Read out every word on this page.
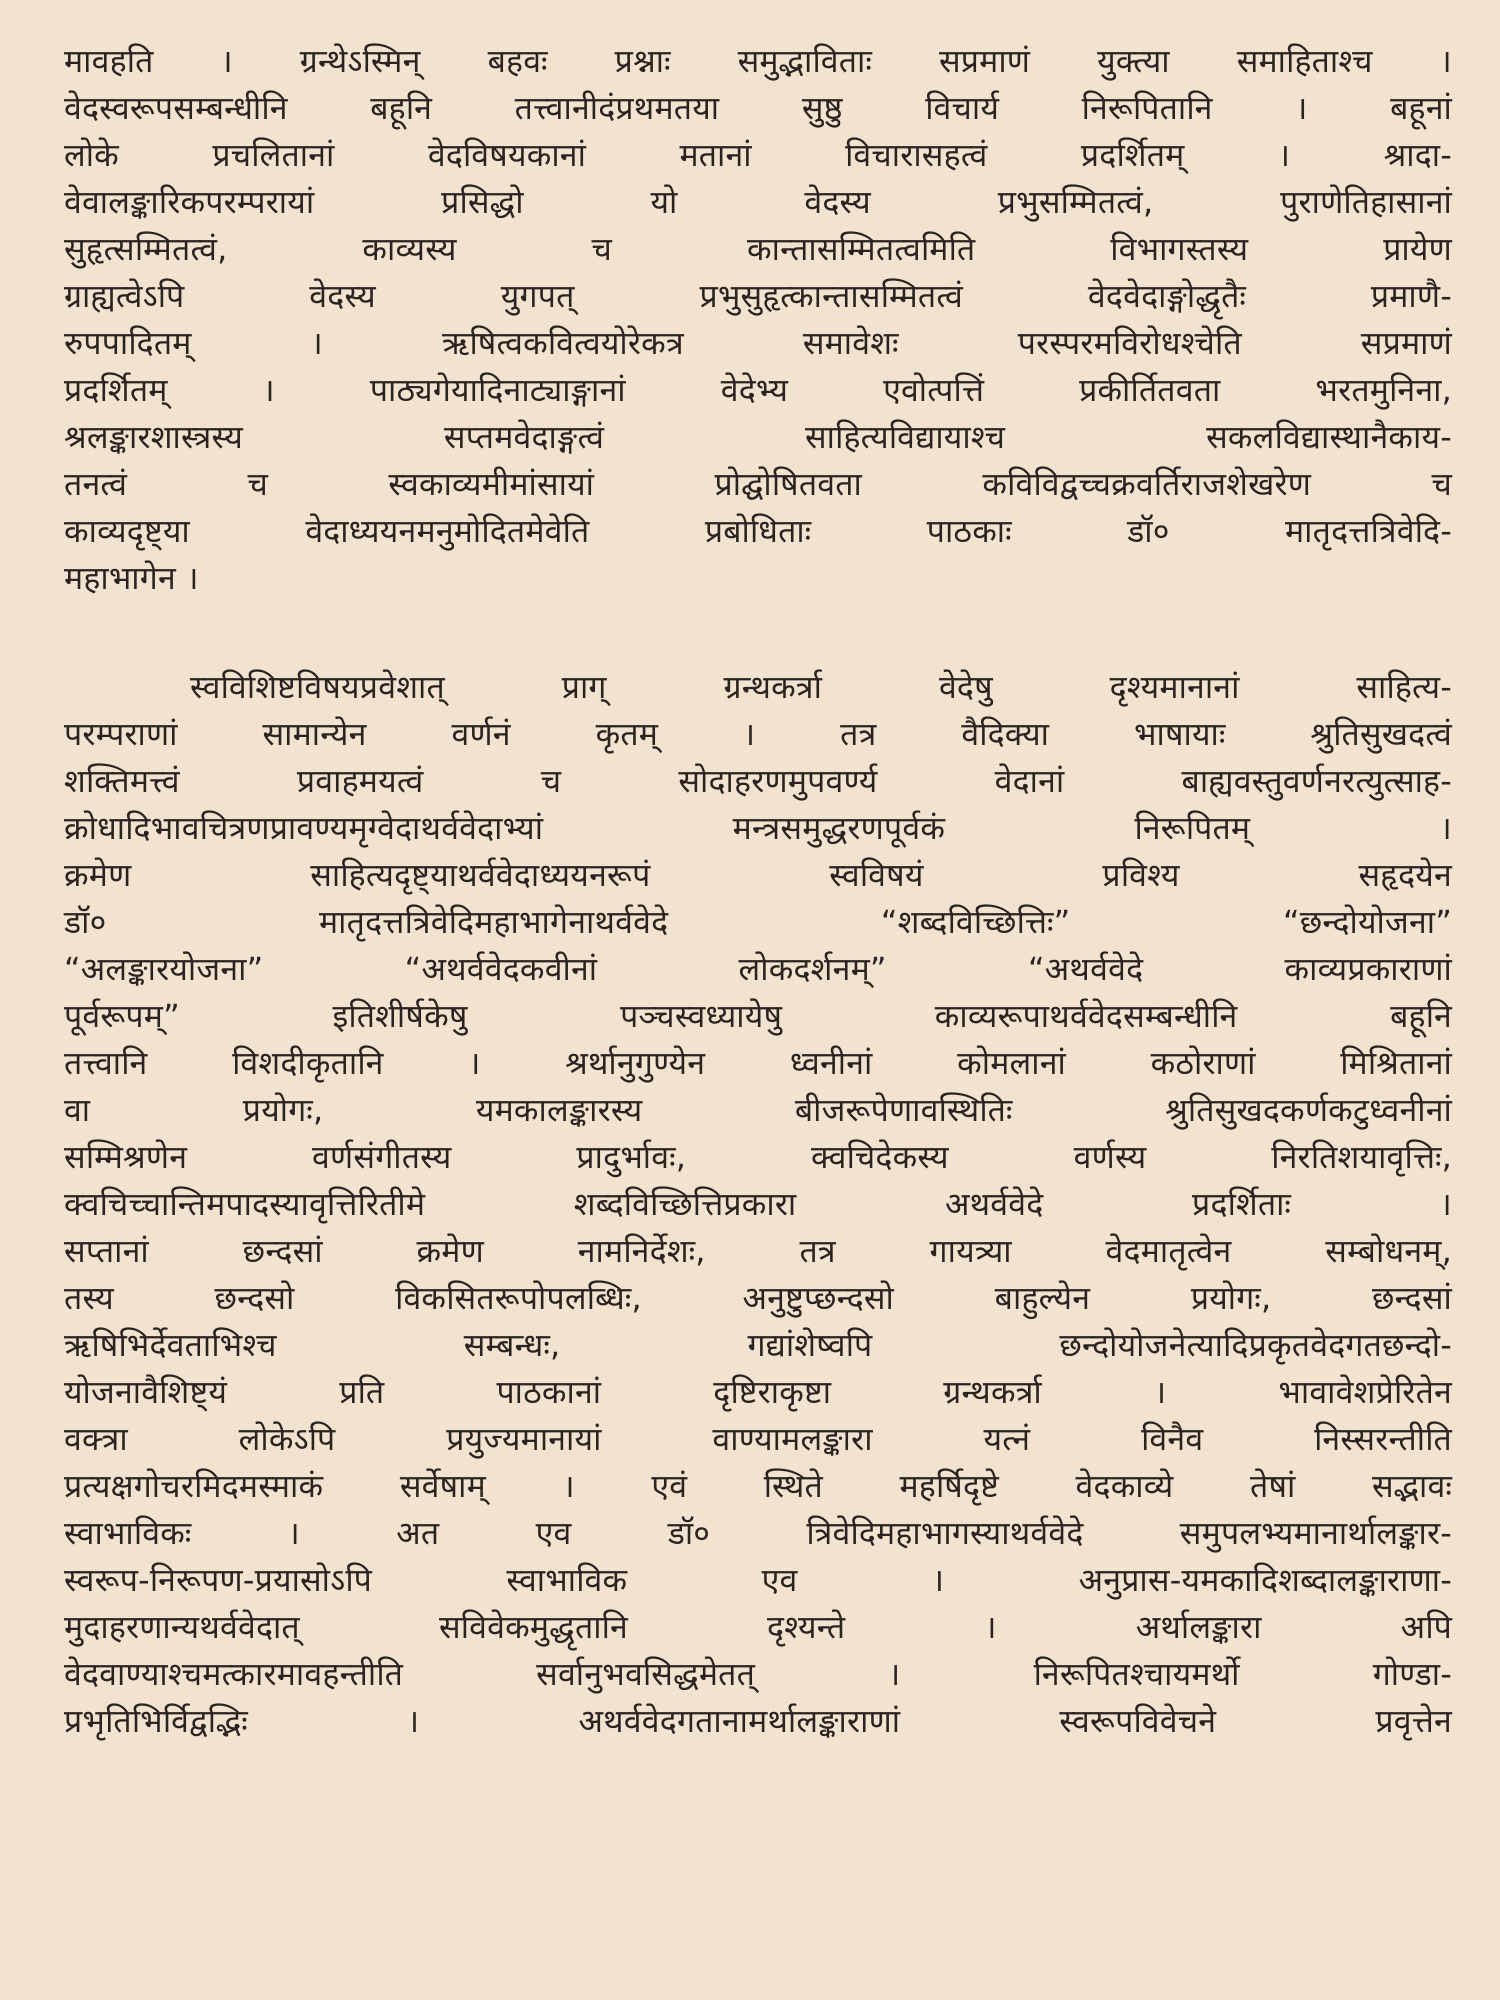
मावहति । ग्रन्थेऽस्मिन् बहवः प्रश्नाः समुद्भाविताः सप्रमाणं युक्त्या समाहिताश्च ।

वेदस्वरूपसम्बन्धीनि बहूनि तत्त्वानीदंप्रथमतया सुष्ठु विचार्य निरूपितानि । बहूनां

लोके प्रचलितानां वेदविषयकानां मतानां विचारासहत्वं प्रदर्शितम् । श्रादा-

वेवालङ्कारिकपरम्परायां प्रसिद्धो यो वेदस्य प्रभुसम्मितत्वं, पुराणेतिहासानां

सुहृत्सम्मितत्वं, काव्यस्य च कान्तासम्मितत्वमिति विभागस्तस्य प्रायेण

ग्राह्यत्वेऽपि वेदस्य युगपत् प्रभुसुहृत्कान्तासम्मितत्वं वेदवेदाङ्गोद्धृतैः प्रमाणै-

रुपपादितम् । ऋषित्वकवित्वयोरेकत्र समावेशः परस्परमविरोधश्चेति सप्रमाणं

प्रदर्शितम् । पाठ्यगेयादिनाट्याङ्गानां वेदेभ्य एवोत्पत्तिं प्रकीर्तितवता भरतमुनिना,

श्रलङ्कारशास्त्रस्य सप्तमवेदाङ्गत्वं साहित्यविद्यायाश्च सकलविद्यास्थानैकाय-

तनत्वं च स्वकाव्यमीमांसायां प्रोद्घोषितवता कविविद्वच्चक्रवर्तिराजशेखरेण च

काव्यदृष्ट्या वेदाध्ययनमनुमोदितमेवेति प्रबोधिताः पाठकाः डॉ० मातृदत्तत्रिवेदि-

महाभागेन ।

स्वविशिष्टविषयप्रवेशात् प्राग् ग्रन्थकर्त्रा वेदेषु दृश्यमानानां साहित्य-

परम्पराणां सामान्येन वर्णनं कृतम् । तत्र वैदिक्या भाषायाः श्रुतिसुखदत्वं

शक्तिमत्त्वं प्रवाहमयत्वं च सोदाहरणमुपवर्ण्य वेदानां बाह्यवस्तुवर्णनरत्युत्साह-

क्रोधादिभावचित्रणप्रावण्यमृग्वेदाथर्ववेदाभ्यां मन्त्रसमुद्धरणपूर्वकं निरूपितम् ।

क्रमेण साहित्यदृष्ट्याथर्ववेदाध्ययनरूपं स्वविषयं प्रविश्य सहृदयेन

डॉ० मातृदत्तत्रिवेदिमहाभागेनाथर्ववेदे “शब्दविच्छित्तिः” “छन्दोयोजना”

“अलङ्कारयोजना” “अथर्ववेदकवीनां लोकदर्शनम्” “अथर्ववेदे काव्यप्रकाराणां

पूर्वरूपम्” इतिशीर्षकेषु पञ्चस्वध्यायेषु काव्यरूपाथर्ववेदसम्बन्धीनि बहूनि

तत्त्वानि विशदीकृतानि । श्रर्थानुगुण्येन ध्वनीनां कोमलानां कठोराणां मिश्रितानां

वा प्रयोगः, यमकालङ्कारस्य बीजरूपेणावस्थितिः श्रुतिसुखदकर्णकटुध्वनीनां

सम्मिश्रणेन वर्णसंगीतस्य प्रादुर्भावः, क्वचिदेकस्य वर्णस्य निरतिशयावृत्तिः,

क्वचिच्चान्तिमपादस्यावृत्तिरितीमे शब्दविच्छित्तिप्रकारा अथर्ववेदे प्रदर्शिताः ।

सप्तानां छन्दसां क्रमेण नामनिर्देशः, तत्र गायत्र्या वेदमातृत्वेन सम्बोधनम्,

तस्य छन्दसो विकसितरूपोपलब्धिः, अनुष्टुप्छन्दसो बाहुल्येन प्रयोगः, छन्दसां

ऋषिभिर्देवताभिश्च सम्बन्धः, गद्यांशेष्वपि छन्दोयोजनेत्यादिप्रकृतवेदगतछन्दो-

योजनावैशिष्ट्यं प्रति पाठकानां दृष्टिराकृष्टा ग्रन्थकर्त्रा । भावावेशप्रेरितेन

वक्त्रा लोकेऽपि प्रयुज्यमानायां वाण्यामलङ्कारा यत्नं विनैव निस्सरन्तीति

प्रत्यक्षगोचरमिदमस्माकं सर्वेषाम् । एवं स्थिते महर्षिदृष्टे वेदकाव्ये तेषां सद्भावः

स्वाभाविकः । अत एव डॉ० त्रिवेदिमहाभागस्याथर्ववेदे समुपलभ्यमानार्थालङ्कार-

स्वरूप-निरूपण-प्रयासोऽपि स्वाभाविक एव । अनुप्रास-यमकादिशब्दालङ्काराणा-

मुदाहरणान्यथर्ववेदात् सविवेकमुद्धृतानि दृश्यन्ते । अर्थालङ्कारा अपि

वेदवाण्याश्चमत्कारमावहन्तीति सर्वानुभवसिद्धमेतत् । निरूपितश्चायमर्थो गोण्डा-

प्रभृतिभिर्विद्वद्भिः । अथर्ववेदगतानामर्थालङ्काराणां स्वरूपविवेचने प्रवृत्तेन
